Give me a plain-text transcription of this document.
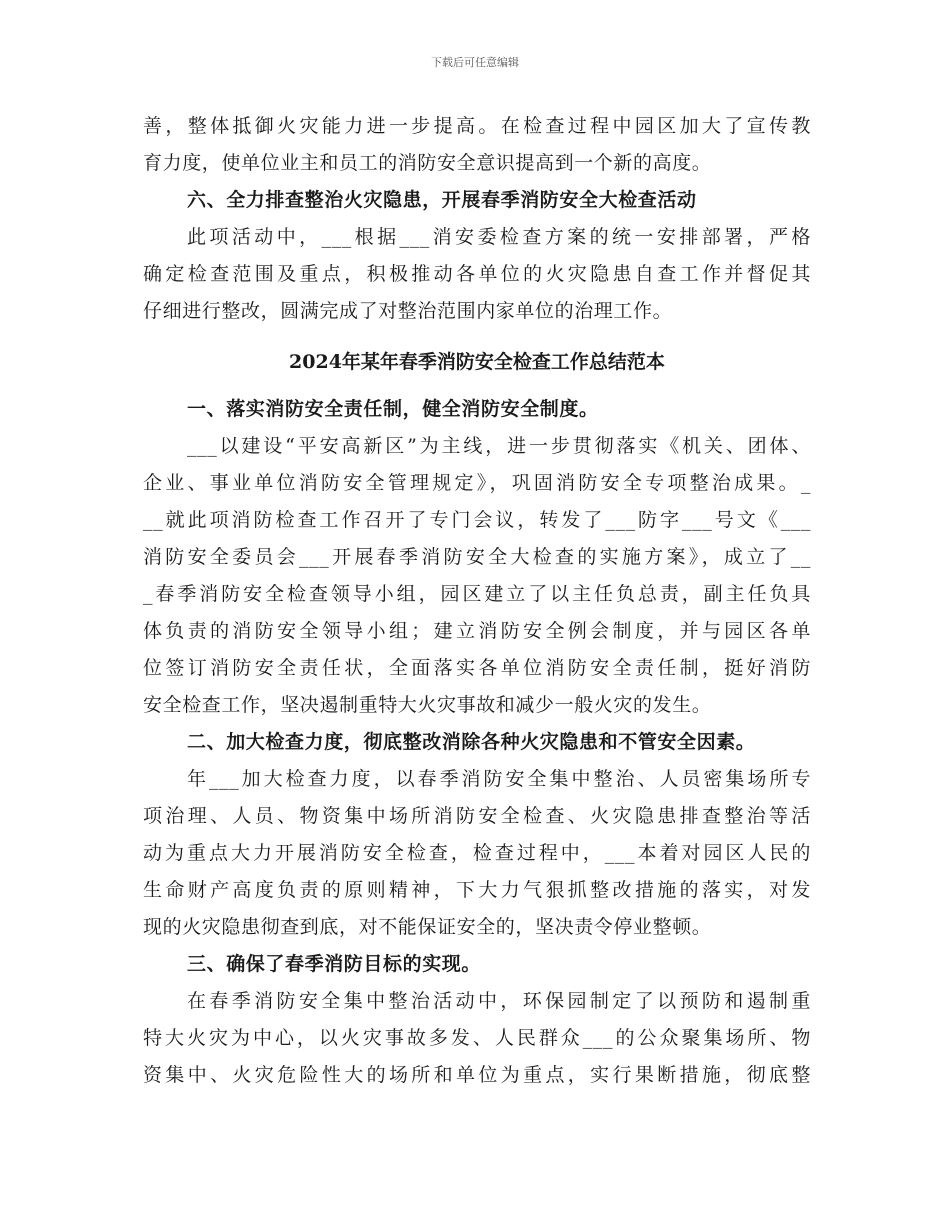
下载后可任意编辑
善，整体抵御火灾能力进一步提高。在检查过程中园区加大了宣传教
育力度，使单位业主和员工的消防安全意识提高到一个新的高度。
六、全力排查整治火灾隐患，开展春季消防安全大检查活动
此项活动中，___根据___消安委检查方案的统一安排部署，严格
确定检查范围及重点，积极推动各单位的火灾隐患自查工作并督促其
仔细进行整改，圆满完成了对整治范围内家单位的治理工作。
2024年某年春季消防安全检查工作总结范本
一、落实消防安全责任制，健全消防安全制度。
___以建设“平安高新区”为主线，进一步贯彻落实《机关、团体、
企业、事业单位消防安全管理规定》，巩固消防安全专项整治成果。_
__就此项消防检查工作召开了专门会议，转发了___防字___号文《___
消防安全委员会___开展春季消防安全大检查的实施方案》，成立了__
_春季消防安全检查领导小组，园区建立了以主任负总责，副主任负具
体负责的消防安全领导小组；建立消防安全例会制度，并与园区各单
位签订消防安全责任状，全面落实各单位消防安全责任制，挺好消防
安全检查工作，坚决遏制重特大火灾事故和减少一般火灾的发生。
二、加大检查力度，彻底整改消除各种火灾隐患和不管安全因素。
年___加大检查力度，以春季消防安全集中整治、人员密集场所专
项治理、人员、物资集中场所消防安全检查、火灾隐患排查整治等活
动为重点大力开展消防安全检查，检查过程中，___本着对园区人民的
生命财产高度负责的原则精神，下大力气狠抓整改措施的落实，对发
现的火灾隐患彻查到底，对不能保证安全的，坚决责令停业整顿。
三、确保了春季消防目标的实现。
在春季消防安全集中整治活动中，环保园制定了以预防和遏制重
特大火灾为中心，以火灾事故多发、人民群众___的公众聚集场所、物
资集中、火灾危险性大的场所和单位为重点，实行果断措施，彻底整
